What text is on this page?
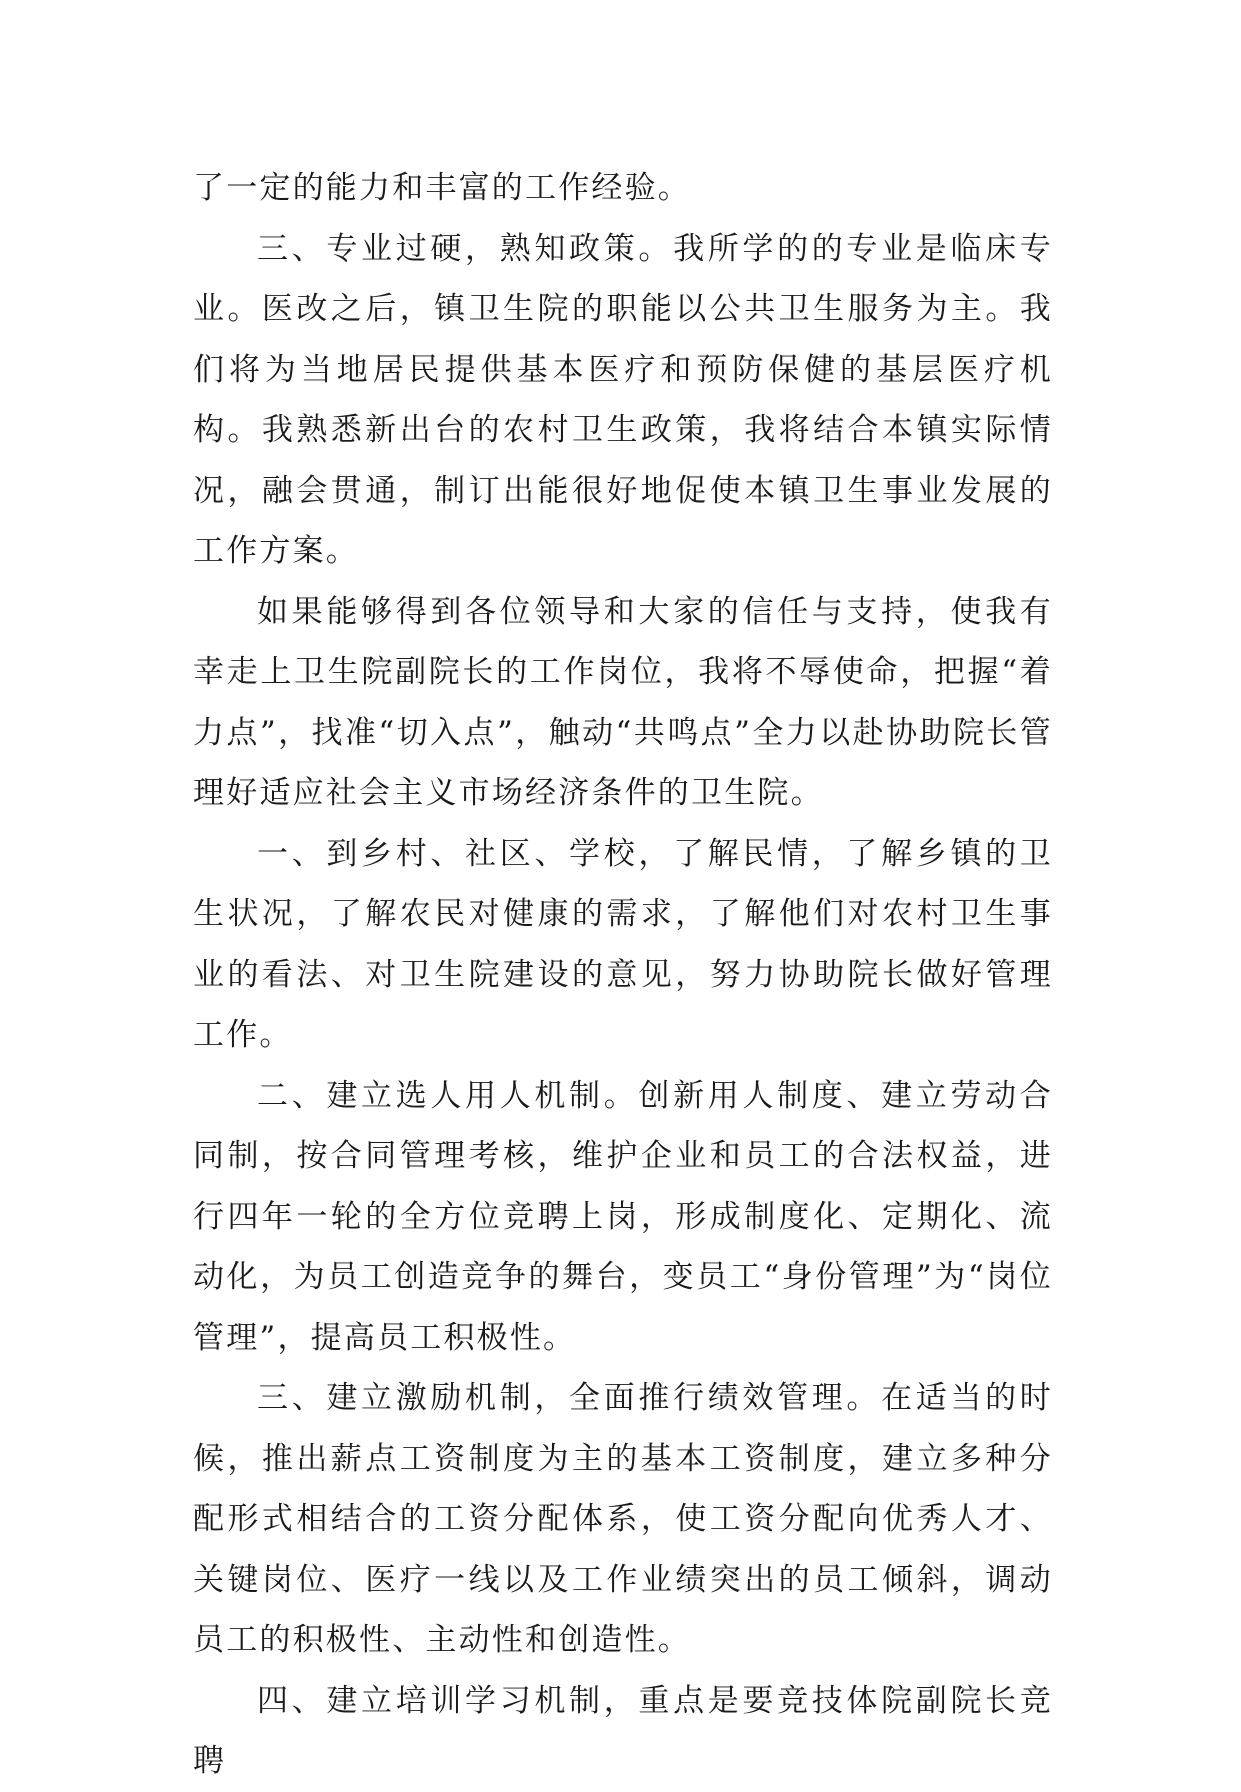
了一定的能力和丰富的工作经验。

三、专业过硬，熟知政策。我所学的的专业是临床专业。医改之后，镇卫生院的职能以公共卫生服务为主。我们将为当地居民提供基本医疗和预防保健的基层医疗机构。我熟悉新出台的农村卫生政策，我将结合本镇实际情况，融会贯通，制订出能很好地促使本镇卫生事业发展的工作方案。

如果能够得到各位领导和大家的信任与支持，使我有幸走上卫生院副院长的工作岗位，我将不辱使命，把握“着力点”，找准“切入点”，触动“共鸣点”全力以赴协助院长管理好适应社会主义市场经济条件的卫生院。

一、到乡村、社区、学校，了解民情，了解乡镇的卫生状况，了解农民对健康的需求，了解他们对农村卫生事业的看法、对卫生院建设的意见，努力协助院长做好管理工作。

二、建立选人用人机制。创新用人制度、建立劳动合同制，按合同管理考核，维护企业和员工的合法权益，进行四年一轮的全方位竞聘上岗，形成制度化、定期化、流动化，为员工创造竞争的舞台，变员工“身份管理”为“岗位管理”，提高员工积极性。

三、建立激励机制，全面推行绩效管理。在适当的时候，推出薪点工资制度为主的基本工资制度，建立多种分配形式相结合的工资分配体系，使工资分配向优秀人才、关键岗位、医疗一线以及工作业绩突出的员工倾斜，调动员工的积极性、主动性和创造性。

四、建立培训学习机制，重点是要竞技体院副院长竞聘
